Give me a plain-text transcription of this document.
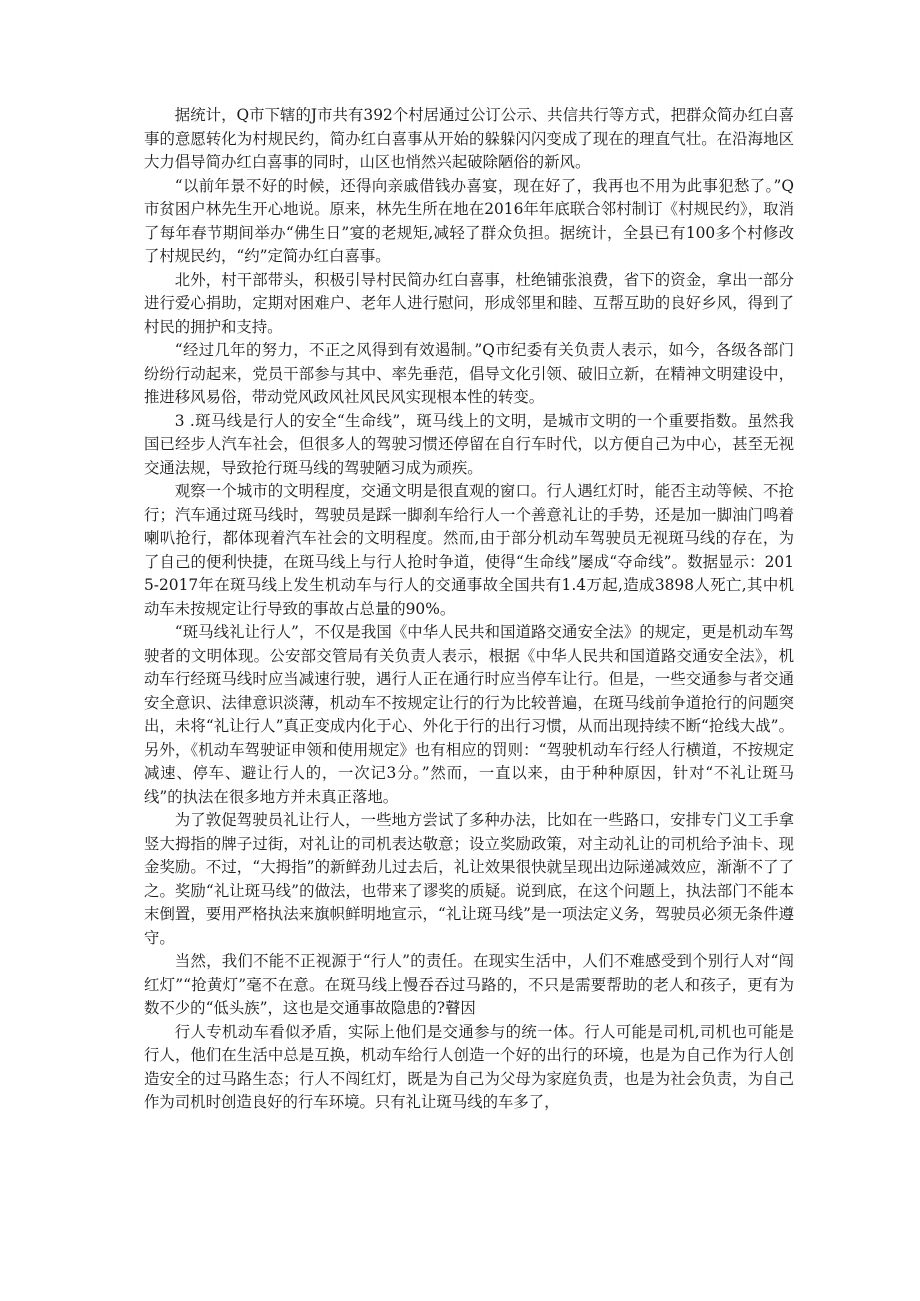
据统计，Q市下辖的J市共有392个村居通过公订公示、共信共行等方式，把群众简办红白喜事的意愿转化为村规民约，简办红白喜事从开始的躲躲闪闪变成了现在的理直气壮。在沿海地区大力倡导简办红白喜事的同时，山区也悄然兴起破除陋俗的新风。

“以前年景不好的时候，还得向亲戚借钱办喜宴，现在好了，我再也不用为此事犯愁了。”Q市贫困户林先生开心地说。原来，林先生所在地在2016年年底联合邻村制订《村规民约》，取消了每年春节期间举办“佛生日”宴的老规矩,减轻了群众负担。据统计，全县已有100多个村修改了村规民约，“约”定简办红白喜事。

北外，村干部带头，积极引导村民简办红白喜事，杜绝铺张浪费，省下的资金，拿出一部分进行爱心捐助，定期对困难户、老年人进行慰问，形成邻里和睦、互帮互助的良好乡风，得到了村民的拥护和支持。

“经过几年的努力，不正之风得到有效遏制。”Q市纪委有关负责人表示，如今，各级各部门纷纷行动起来，党员干部参与其中、率先垂范，倡导文化引领、破旧立新，在精神文明建设中，推进移风易俗，带动党风政风社风民风实现根本性的转变。

3 .斑马线是行人的安全“生命线”，斑马线上的文明，是城市文明的一个重要指数。虽然我国已经步人汽车社会，但很多人的驾驶习惯还停留在自行车时代，以方便自己为中心，甚至无视交通法规，导致抢行斑马线的驾驶陋习成为顽疾。

观察一个城市的文明程度，交通文明是很直观的窗口。行人遇红灯时，能否主动等候、不抢行；汽车通过斑马线时，驾驶员是踩一脚刹车给行人一个善意礼让的手势，还是加一脚油门鸣着喇叭抢行，都体现着汽车社会的文明程度。然而,由于部分机动车驾驶员无视斑马线的存在，为了自己的便利快捷，在斑马线上与行人抢时争道，使得“生命线”屡成“夺命线”。数据显示：2015-2017年在斑马线上发生机动车与行人的交通事故全国共有1.4万起,造成3898人死亡,其中机动车未按规定让行导致的事故占总量的90%。

“斑马线礼让行人”，不仅是我国《中华人民共和国道路交通安全法》的规定，更是机动车驾驶者的文明体现。公安部交管局有关负责人表示，根据《中华人民共和国道路交通安全法》，机动车行经斑马线时应当减速行驶，遇行人正在通行时应当停车让行。但是，一些交通参与者交通安全意识、法律意识淡薄，机动车不按规定让行的行为比较普遍，在斑马线前争道抢行的问题突出，未将“礼让行人”真正变成内化于心、外化于行的出行习惯，从而出现持续不断“抢线大战”。另外，《机动车驾驶证申领和使用规定》也有相应的罚则：“驾驶机动车行经人行横道，不按规定减速、停车、避让行人的，一次记3分。”然而，一直以来，由于种种原因，针对“不礼让斑马线”的执法在很多地方并未真正落地。

为了敦促驾驶员礼让行人，一些地方尝试了多种办法，比如在一些路口，安排专门义工手拿竖大拇指的牌子过街，对礼让的司机表达敬意；设立奖励政策，对主动礼让的司机给予油卡、现金奖励。不过，“大拇指”的新鲜劲儿过去后，礼让效果很快就呈现出边际递减效应，渐渐不了了之。奖励“礼让斑马线”的做法，也带来了谬奖的质疑。说到底，在这个问题上，执法部门不能本末倒置，要用严格执法来旗帜鲜明地宣示，“礼让斑马线”是一项法定义务，驾驶员必须无条件遵守。

当然，我们不能不正视源于“行人”的责任。在现实生活中，人们不难感受到个别行人对“闯红灯”“抢黄灯”毫不在意。在斑马线上慢吞吞过马路的，不只是需要帮助的老人和孩子，更有为数不少的“低头族”，这也是交通事故隐患的?瞽因

行人专机动车看似矛盾，实际上他们是交通参与的统一体。行人可能是司机,司机也可能是行人，他们在生活中总是互换，机动车给行人创造一个好的出行的环境，也是为自己作为行人创造安全的过马路生态；行人不闯红灯，既是为自己为父母为家庭负责，也是为社会负责，为自己作为司机时创造良好的行车环境。只有礼让斑马线的车多了，
